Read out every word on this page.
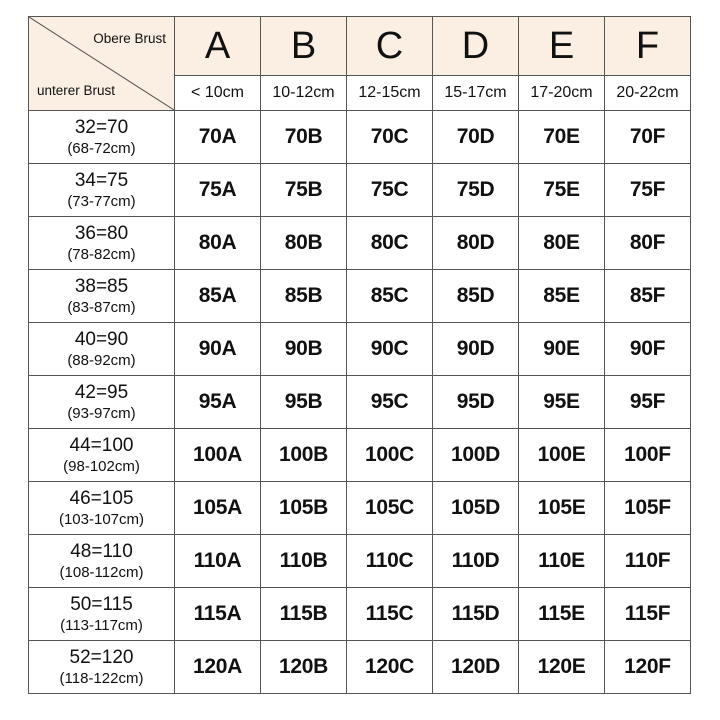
Obere Brust
unterer Brust	A	B	C	D	E	F
	< 10cm	10-12cm	12-15cm	15-17cm	17-20cm	20-22cm

32=70
(68-72cm)	70A	70B	70C	70D	70E	70F

34=75
(73-77cm)	75A	75B	75C	75D	75E	75F

36=80
(78-82cm)	80A	80B	80C	80D	80E	80F

38=85
(83-87cm)	85A	85B	85C	85D	85E	85F

40=90
(88-92cm)	90A	90B	90C	90D	90E	90F

42=95
(93-97cm)	95A	95B	95C	95D	95E	95F

44=100
(98-102cm)	100A	100B	100C	100D	100E	100F

46=105
(103-107cm)	105A	105B	105C	105D	105E	105F

48=110
(108-112cm)	110A	110B	110C	110D	110E	110F

50=115
(113-117cm)	115A	115B	115C	115D	115E	115F

52=120
(118-122cm)	120A	120B	120C	120D	120E	120F
